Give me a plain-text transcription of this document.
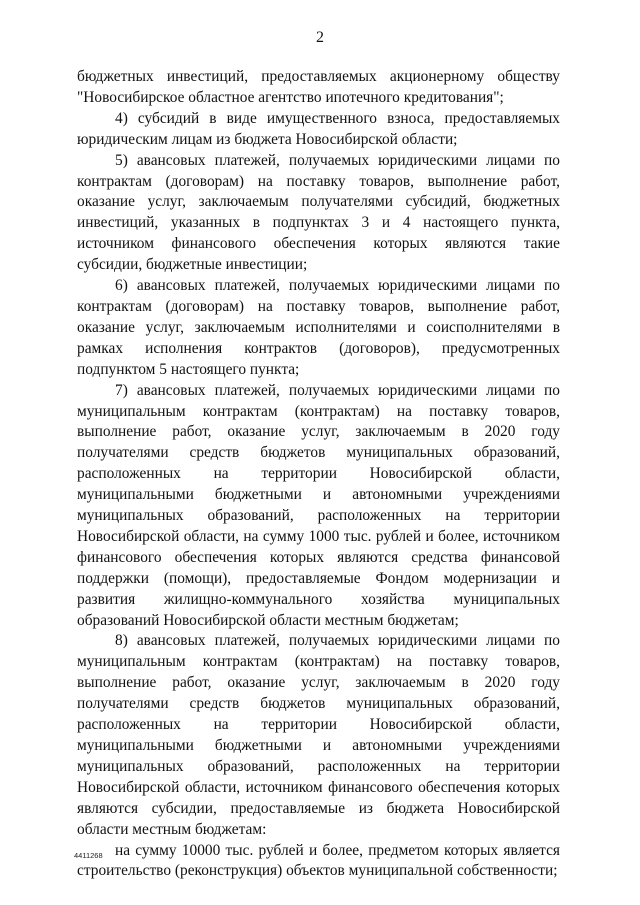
2

бюджетных инвестиций, предоставляемых акционерному обществу "Новосибирское областное агентство ипотечного кредитования";

4) субсидий в виде имущественного взноса, предоставляемых юридическим лицам из бюджета Новосибирской области;

5) авансовых платежей, получаемых юридическими лицами по контрактам (договорам) на поставку товаров, выполнение работ, оказание услуг, заключаемым получателями субсидий, бюджетных инвестиций, указанных в подпунктах 3 и 4 настоящего пункта, источником финансового обеспечения которых являются такие субсидии, бюджетные инвестиции;

6) авансовых платежей, получаемых юридическими лицами по контрактам (договорам) на поставку товаров, выполнение работ, оказание услуг, заключаемым исполнителями и соисполнителями в рамках исполнения контрактов (договоров), предусмотренных подпунктом 5 настоящего пункта;

7) авансовых платежей, получаемых юридическими лицами по муниципальным контрактам (контрактам) на поставку товаров, выполнение работ, оказание услуг, заключаемым в 2020 году получателями средств бюджетов муниципальных образований, расположенных на территории Новосибирской области, муниципальными бюджетными и автономными учреждениями муниципальных образований, расположенных на территории Новосибирской области, на сумму 1000 тыс. рублей и более, источником финансового обеспечения которых являются средства финансовой поддержки (помощи), предоставляемые Фондом модернизации и развития жилищно-коммунального хозяйства муниципальных образований Новосибирской области местным бюджетам;

8) авансовых платежей, получаемых юридическими лицами по муниципальным контрактам (контрактам) на поставку товаров, выполнение работ, оказание услуг, заключаемым в 2020 году получателями средств бюджетов муниципальных образований, расположенных на территории Новосибирской области, муниципальными бюджетными и автономными учреждениями муниципальных образований, расположенных на территории Новосибирской области, источником финансового обеспечения которых являются субсидии, предоставляемые из бюджета Новосибирской области местным бюджетам:

на сумму 10000 тыс. рублей и более, предметом которых является строительство (реконструкция) объектов муниципальной собственности;

4411268
